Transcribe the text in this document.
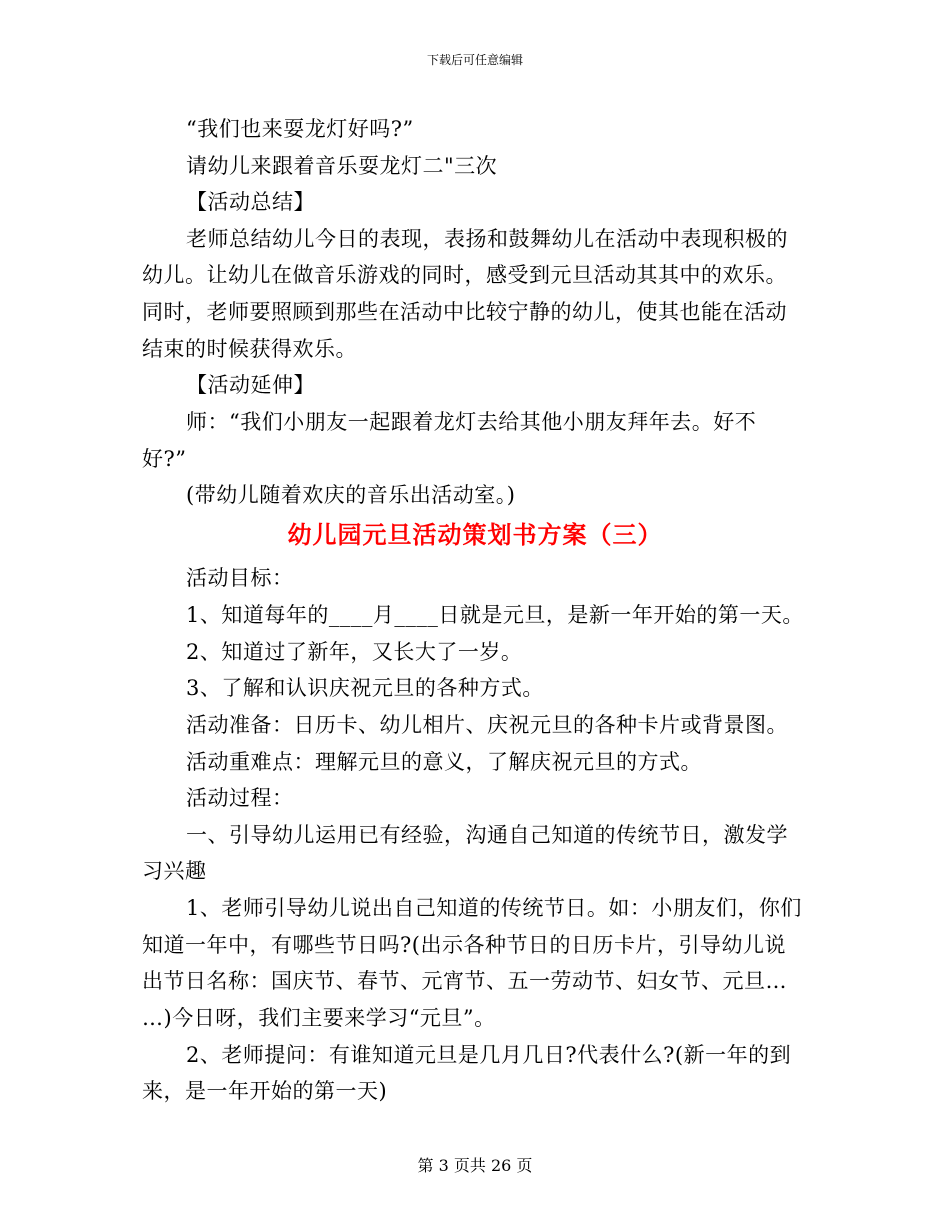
下载后可任意编辑
“我们也来耍龙灯好吗?”
请幼儿来跟着音乐耍龙灯二"三次
【活动总结】
老师总结幼儿今日的表现，表扬和鼓舞幼儿在活动中表现积极的
幼儿。让幼儿在做音乐游戏的同时，感受到元旦活动其其中的欢乐。
同时，老师要照顾到那些在活动中比较宁静的幼儿，使其也能在活动
结束的时候获得欢乐。
【活动延伸】
师：“我们小朋友一起跟着龙灯去给其他小朋友拜年去。好不
好?”
(带幼儿随着欢庆的音乐出活动室。)
幼儿园元旦活动策划书方案（三）
活动目标：
1、知道每年的____月____日就是元旦，是新一年开始的第一天。
2、知道过了新年，又长大了一岁。
3、了解和认识庆祝元旦的各种方式。
活动准备：日历卡、幼儿相片、庆祝元旦的各种卡片或背景图。
活动重难点：理解元旦的意义，了解庆祝元旦的方式。
活动过程：
一、引导幼儿运用已有经验，沟通自己知道的传统节日，激发学
习兴趣
1、老师引导幼儿说出自己知道的传统节日。如：小朋友们，你们
知道一年中，有哪些节日吗?(出示各种节日的日历卡片，引导幼儿说
出节日名称：国庆节、春节、元宵节、五一劳动节、妇女节、元旦…
…)今日呀，我们主要来学习“元旦”。
2、老师提问：有谁知道元旦是几月几日?代表什么?(新一年的到
来，是一年开始的第一天)
第 3 页共 26 页
